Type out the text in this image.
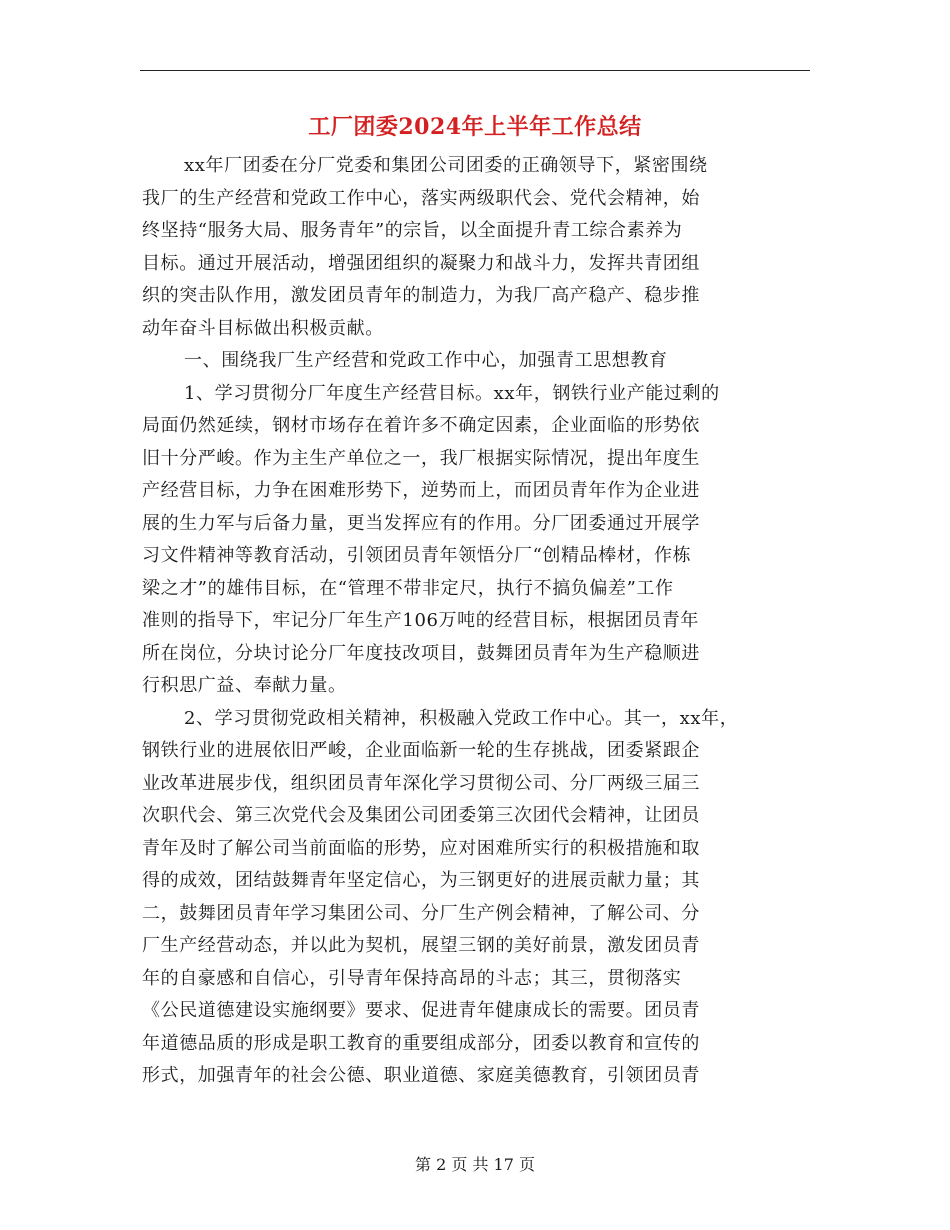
工厂团委2024年上半年工作总结
xx年厂团委在分厂党委和集团公司团委的正确领导下，紧密围绕
我厂的生产经营和党政工作中心，落实两级职代会、党代会精神，始
终坚持“服务大局、服务青年”的宗旨，以全面提升青工综合素养为
目标。通过开展活动，增强团组织的凝聚力和战斗力，发挥共青团组
织的突击队作用，激发团员青年的制造力，为我厂高产稳产、稳步推
动年奋斗目标做出积极贡献。
一、围绕我厂生产经营和党政工作中心，加强青工思想教育
1、学习贯彻分厂年度生产经营目标。xx年，钢铁行业产能过剩的
局面仍然延续，钢材市场存在着许多不确定因素，企业面临的形势依
旧十分严峻。作为主生产单位之一，我厂根据实际情况，提出年度生
产经营目标，力争在困难形势下，逆势而上，而团员青年作为企业进
展的生力军与后备力量，更当发挥应有的作用。分厂团委通过开展学
习文件精神等教育活动，引领团员青年领悟分厂“创精品棒材，作栋
梁之才”的雄伟目标，在“管理不带非定尺，执行不搞负偏差”工作
准则的指导下，牢记分厂年生产106万吨的经营目标，根据团员青年
所在岗位，分块讨论分厂年度技改项目，鼓舞团员青年为生产稳顺进
行积思广益、奉献力量。
2、学习贯彻党政相关精神，积极融入党政工作中心。其一，xx年，
钢铁行业的进展依旧严峻，企业面临新一轮的生存挑战，团委紧跟企
业改革进展步伐，组织团员青年深化学习贯彻公司、分厂两级三届三
次职代会、第三次党代会及集团公司团委第三次团代会精神，让团员
青年及时了解公司当前面临的形势，应对困难所实行的积极措施和取
得的成效，团结鼓舞青年坚定信心，为三钢更好的进展贡献力量；其
二，鼓舞团员青年学习集团公司、分厂生产例会精神，了解公司、分
厂生产经营动态，并以此为契机，展望三钢的美好前景，激发团员青
年的自豪感和自信心，引导青年保持高昂的斗志；其三，贯彻落实
《公民道德建设实施纲要》要求、促进青年健康成长的需要。团员青
年道德品质的形成是职工教育的重要组成部分，团委以教育和宣传的
形式，加强青年的社会公德、职业道德、家庭美德教育，引领团员青
第 2 页 共 17 页
